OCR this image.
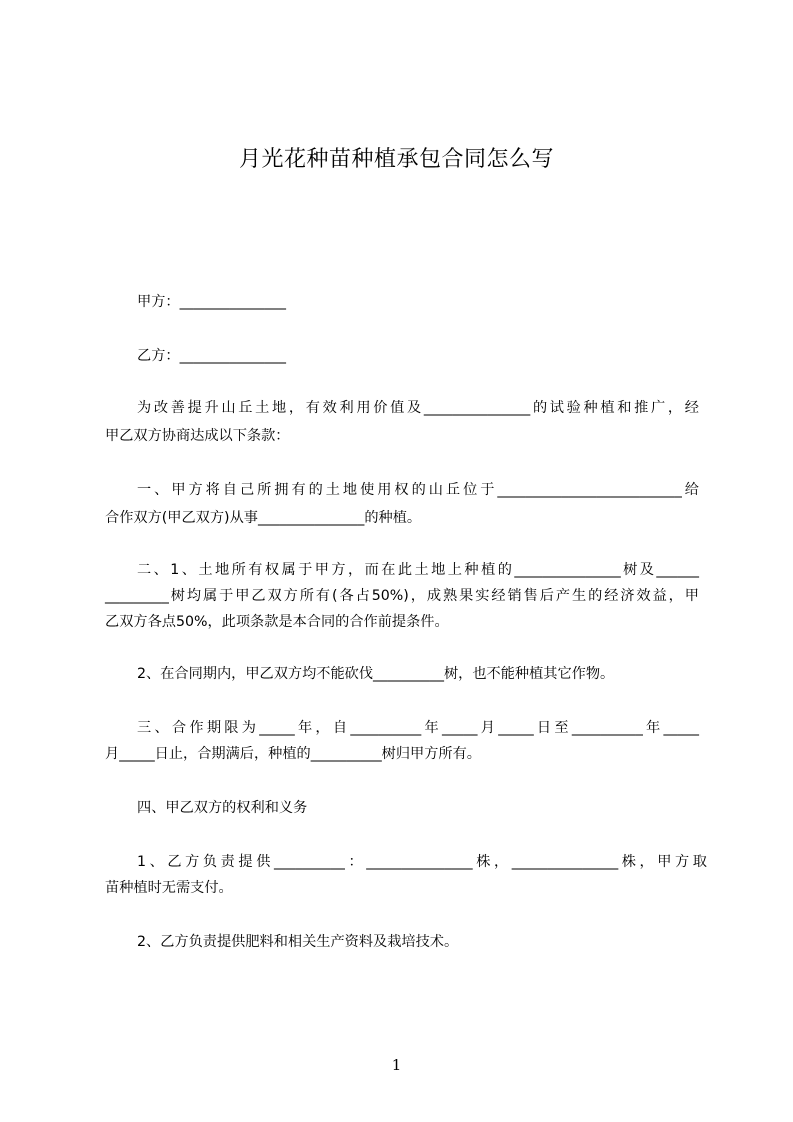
月光花种苗种植承包合同怎么写
甲方：_______________
乙方：_______________
为改善提升山丘土地，有效利用价值及_______________的试验种植和推广，经
甲乙双方协商达成以下条款：
一、甲方将自己所拥有的土地使用权的山丘位于__________________________给
合作双方(甲乙双方)从事_______________的种植。
二、1、土地所有权属于甲方，而在此土地上种植的_______________树及______
_________树均属于甲乙双方所有(各占50%)，成熟果实经销售后产生的经济效益，甲
乙双方各点50%，此项条款是本合同的合作前提条件。
2、在合同期内，甲乙双方均不能砍伐__________树，也不能种植其它作物。
三、合作期限为_____年，自__________年_____月_____日至__________年_____
月_____日止，合期满后，种植的__________树归甲方所有。
四、甲乙双方的权利和义务
1、乙方负责提供__________：_______________株，_______________株，甲方取
苗种植时无需支付。
2、乙方负责提供肥料和相关生产资料及栽培技术。
1
